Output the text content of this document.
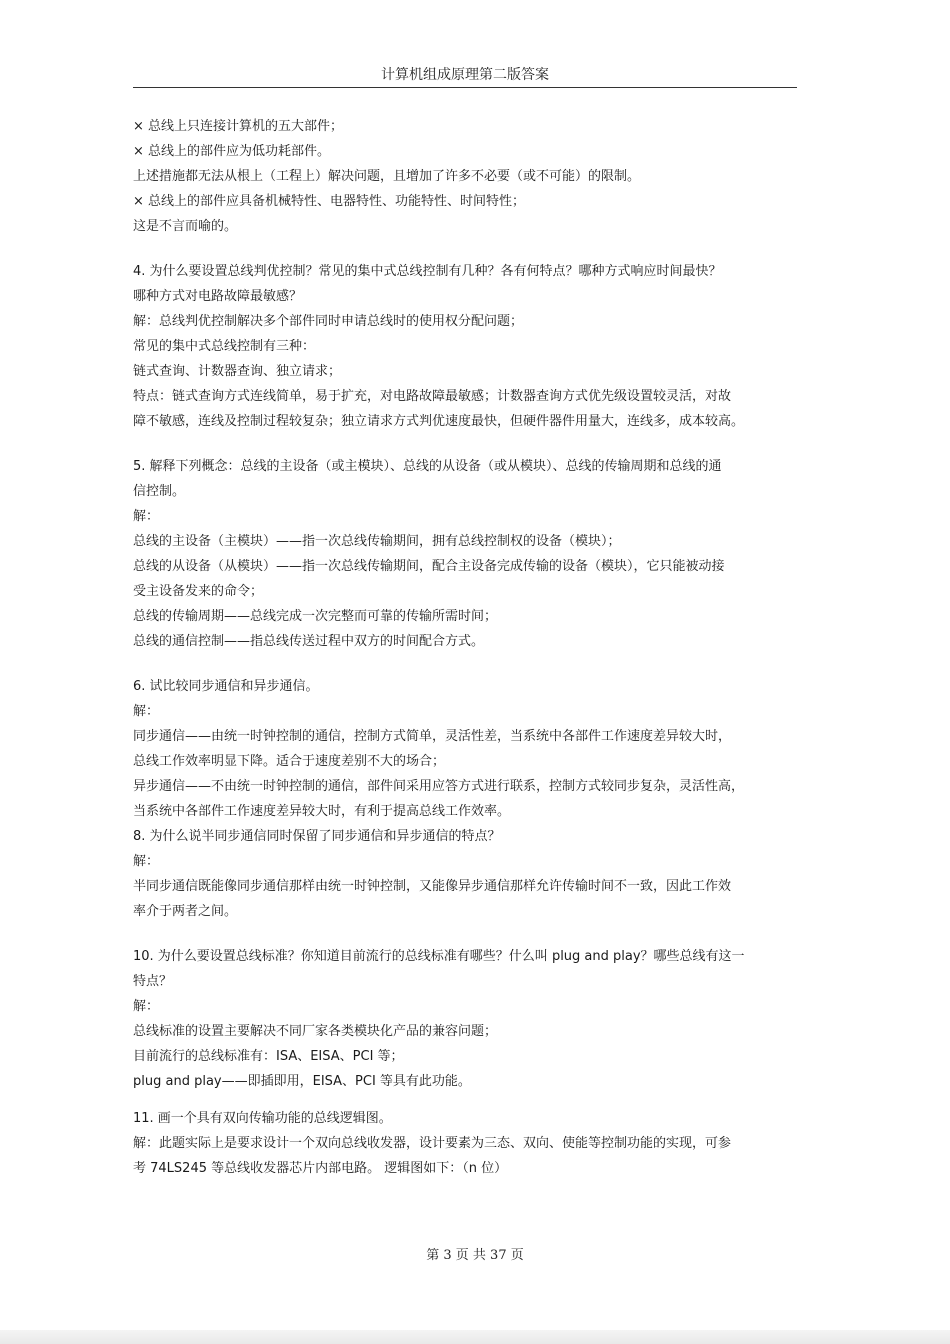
计算机组成原理第二版答案
× 总线上只连接计算机的五大部件；
× 总线上的部件应为低功耗部件。
上述措施都无法从根上（工程上）解决问题，且增加了许多不必要（或不可能）的限制。
× 总线上的部件应具备机械特性、电器特性、功能特性、时间特性；
这是不言而喻的。
4. 为什么要设置总线判优控制？常见的集中式总线控制有几种？各有何特点？哪种方式响应时间最快？
哪种方式对电路故障最敏感？
解：总线判优控制解决多个部件同时申请总线时的使用权分配问题；
常见的集中式总线控制有三种：
链式查询、计数器查询、独立请求；
特点：链式查询方式连线简单，易于扩充，对电路故障最敏感；计数器查询方式优先级设置较灵活，对故
障不敏感，连线及控制过程较复杂；独立请求方式判优速度最快，但硬件器件用量大，连线多，成本较高。
5. 解释下列概念：总线的主设备（或主模块）、总线的从设备（或从模块）、总线的传输周期和总线的通
信控制。
解：
总线的主设备（主模块）——指一次总线传输期间，拥有总线控制权的设备（模块）；
总线的从设备（从模块）——指一次总线传输期间，配合主设备完成传输的设备（模块），它只能被动接
受主设备发来的命令；
总线的传输周期——总线完成一次完整而可靠的传输所需时间；
总线的通信控制——指总线传送过程中双方的时间配合方式。
6. 试比较同步通信和异步通信。
解：
同步通信——由统一时钟控制的通信，控制方式简单，灵活性差，当系统中各部件工作速度差异较大时，
总线工作效率明显下降。适合于速度差别不大的场合；
异步通信——不由统一时钟控制的通信，部件间采用应答方式进行联系，控制方式较同步复杂，灵活性高，
当系统中各部件工作速度差异较大时，有利于提高总线工作效率。
8. 为什么说半同步通信同时保留了同步通信和异步通信的特点？
解：
半同步通信既能像同步通信那样由统一时钟控制，又能像异步通信那样允许传输时间不一致，因此工作效
率介于两者之间。
10. 为什么要设置总线标准？你知道目前流行的总线标准有哪些？什么叫 plug and play？哪些总线有这一
特点？
解：
总线标准的设置主要解决不同厂家各类模块化产品的兼容问题；
目前流行的总线标准有：ISA、EISA、PCI 等；
plug and play——即插即用，EISA、PCI 等具有此功能。
11. 画一个具有双向传输功能的总线逻辑图。
解：此题实际上是要求设计一个双向总线收发器，设计要素为三态、双向、使能等控制功能的实现，可参
考 74LS245 等总线收发器芯片内部电路。 逻辑图如下：（n 位）
第 3 页 共 37 页
